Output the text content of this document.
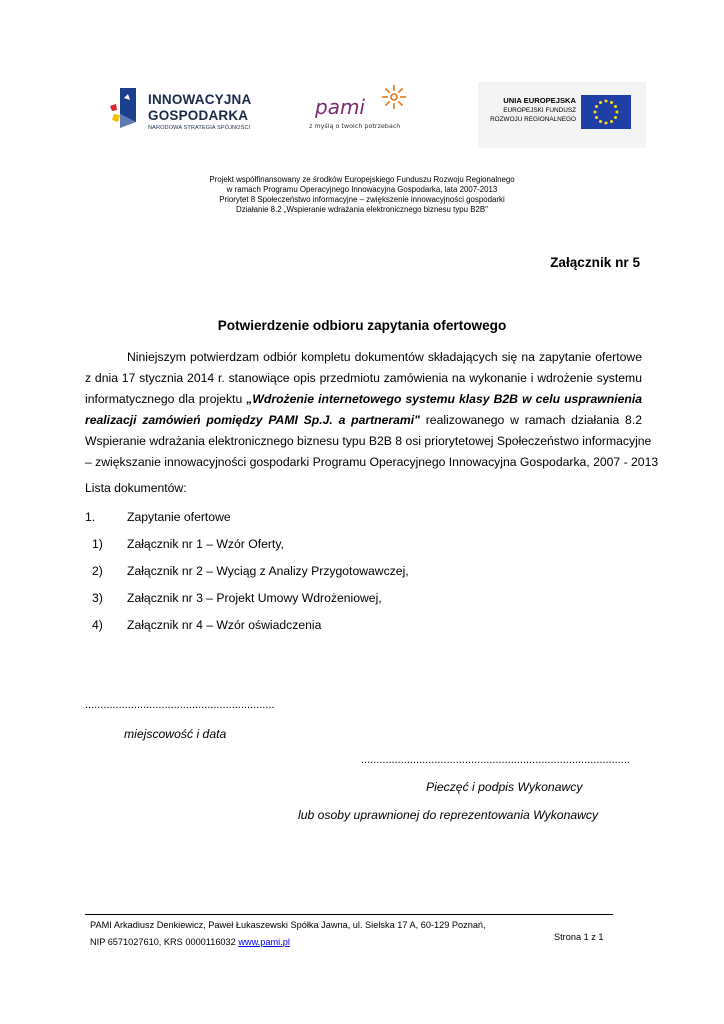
INNOWACYJNA
GOSPODARKA
NARODOWA STRATEGIA SPÓJNOŚCI
pami
z myślą o twoich potrzebach
UNIA EUROPEJSKA
EUROPEJSKI FUNDUSZ
ROZWOJU REGIONALNEGO
Projekt współfinansowany ze środków Europejskiego Funduszu Rozwoju Regionalnego
w ramach Programu Operacyjnego Innowacyjna Gospodarka, lata 2007-2013
Priorytet 8 Społeczeństwo informacyjne – zwiększenie innowacyjności gospodarki
Działanie 8.2 „Wspieranie wdrażania elektronicznego biznesu typu B2B"
Załącznik nr 5
Potwierdzenie odbioru zapytania ofertowego
Niniejszym potwierdzam odbiór kompletu dokumentów składających się na zapytanie ofertowe
z dnia 17 stycznia 2014 r. stanowiące opis przedmiotu zamówienia na wykonanie i wdrożenie systemu
informatycznego dla projektu „Wdrożenie internetowego systemu klasy B2B w celu usprawnienia
realizacji zamówień pomiędzy PAMI Sp.J. a partnerami" realizowanego w ramach działania 8.2
Wspieranie wdrażania elektronicznego biznesu typu B2B 8 osi priorytetowej Społeczeństwo informacyjne
– zwiększanie innowacyjności gospodarki Programu Operacyjnego Innowacyjna Gospodarka, 2007 - 2013
Lista dokumentów:
1.	Zapytanie ofertowe
1) Załącznik nr 1 – Wzór Oferty,
2) Załącznik nr 2 – Wyciąg z Analizy Przygotowawczej,
3) Załącznik nr 3 – Projekt Umowy Wdrożeniowej,
4) Załącznik nr 4 – Wzór oświadczenia
..............................................................
miejscowość i data
........................................................................................
Pieczęć i podpis Wykonawcy
lub osoby uprawnionej do reprezentowania Wykonawcy
PAMI Arkadiusz Denkiewicz, Paweł Łukaszewski Spółka Jawna, ul. Sielska 17 A, 60-129 Poznań,
NIP 6571027610, KRS 0000116032 www.pami.pl	Strona 1 z 1
